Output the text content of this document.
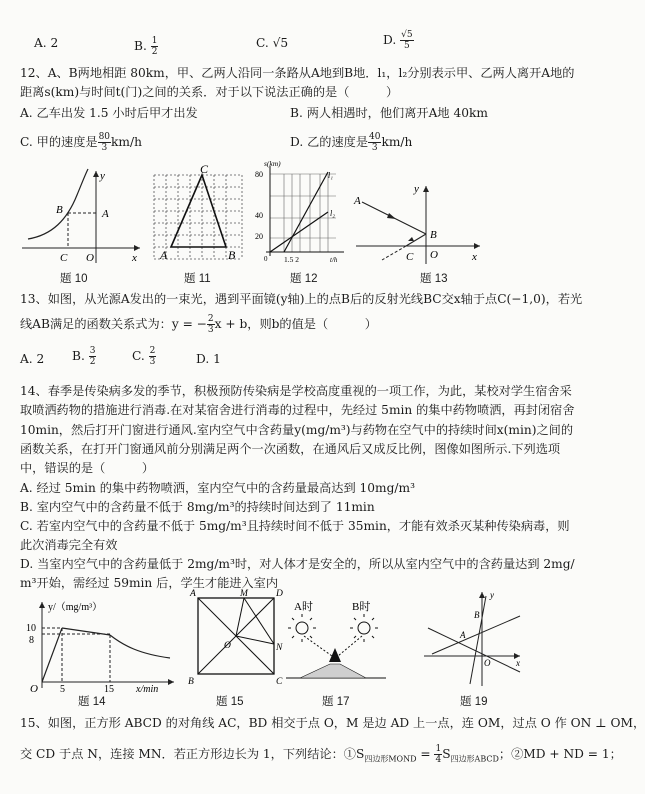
A. 2	B. $\frac{1}{2}$	C. √5	D. $\frac{√5}{5}$
12、A、B两地相距 80km，甲、乙两人沿同一条路从A地到B地．l₁，l₂分别表示甲、乙两人离开A地的
距离s(km)与时间t(门)之间的关系．对于以下说法正确的是（　　　）
A. 乙车出发 1.5 小时后甲才出发	B. 两人相遇时，他们离开A地 40km
C. 甲的速度是 $\frac{80}{3} km/h$	D. 乙的速度是 $\frac{40}{3} km/h$
y
B	A
C O	x
C
A	B
s(km)
80
40
20
l₁
l₂
1.5 2	t/h
0
A
B
C O
y
x
题 10	题 11	题 12	题 13
13、如图，从光源A发出的一束光，遇到平面镜(y轴)上的点B后的反射光线BC交x轴于点C(−1,0)，若光
线AB满足的函数关系式为：y = − $\frac{2}{3}$ x + b，则b的值是（　　　）
A. 2 B. $\frac{3}{2}$	C. $\frac{2}{3}$	D. 1
14、春季是传染病多发的季节，积极预防传染病是学校高度重视的一项工作，为此，某校对学生宿舍采
取喷洒药物的措施进行消毒.在对某宿舍进行消毒的过程中，先经过 5min 的集中药物喷洒，再封闭宿舍
10min，然后打开门窗进行通风.室内空气中含药量y(mg/m³)与药物在空气中的持续时间x(min)之间的
函数关系，在打开门窗通风前分别满足两个一次函数，在通风后又成反比例，图像如图所示.下列选项
中，错误的是（　　　）
A. 经过 5min 的集中药物喷洒，室内空气中的含药量最高达到 10mg/m³
B. 室内空气中的含药量不低于 8mg/m³的持续时间达到了 11min
C. 若室内空气中的含药量不低于 5mg/m³且持续时间不低于 35min，才能有效杀灭某种传染病毒，则
此次消毒完全有效
D. 当室内空气中的含药量低于 2mg/m³时，对人体才是安全的，所以从室内空气中的含药量达到 2mg/
m³开始，需经过 59min 后，学生才能进入室内
y/（mg/m³）
10
8
O 5	15 x/min
A	M	D
B	C
O	N
A时	B时
y
B
A
O	x
题 14	题 15	题 17	题 19
15、如图，正方形 ABCD 的对角线 AC，BD 相交于点 O，M 是边 AD 上一点，连 OM，过点 O 作 ON ⊥ OM，
交 CD 于点 N，连接 MN．若正方形边长为 1，下列结论：$①S_{四边形MOND} = \frac{1}{4} S_{四边形ABCD}$；②MD + ND = 1；
